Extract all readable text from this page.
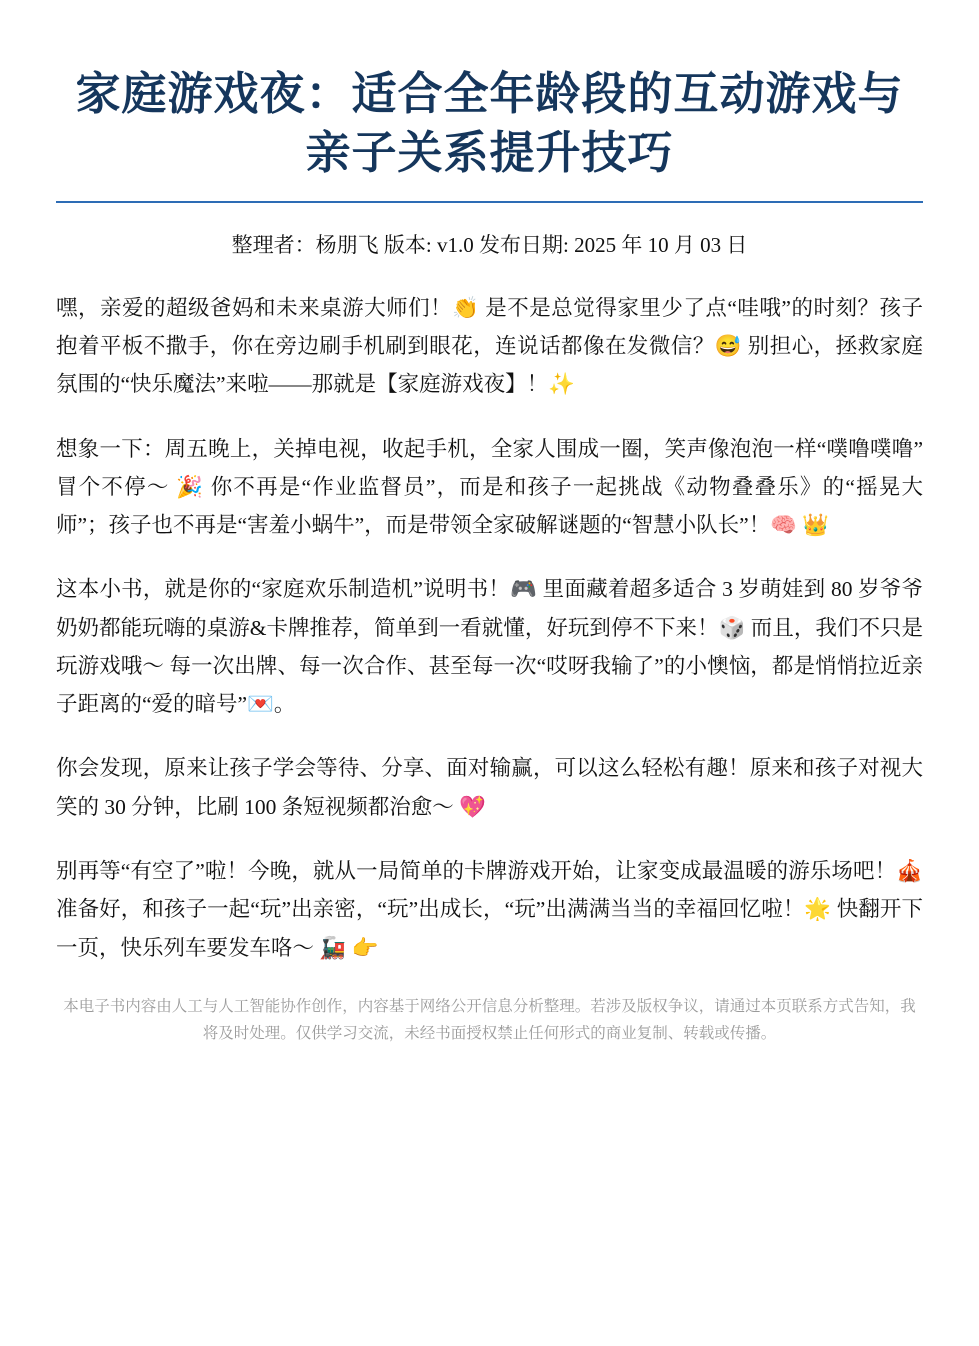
家庭游戏夜：适合全年龄段的互动游戏与亲子关系提升技巧
整理者：杨朋飞 版本: v1.0 发布日期: 2025 年 10 月 03 日

嘿，亲爱的超级爸妈和未来桌游大师们！👏 是不是总觉得家里少了点“哇哦”的时刻？孩子抱着平板不撒手，你在旁边刷手机刷到眼花，连说话都像在发微信？😅 别担心，拯救家庭氛围的“快乐魔法”来啦——那就是【家庭游戏夜】！✨

想象一下：周五晚上，关掉电视，收起手机，全家人围成一圈，笑声像泡泡一样“噗噜噗噜”冒个不停～ 🎉 你不再是“作业监督员”，而是和孩子一起挑战《动物叠叠乐》的“摇晃大师”；孩子也不再是“害羞小蜗牛”，而是带领全家破解谜题的“智慧小队长”！🧠 👑

这本小书，就是你的“家庭欢乐制造机”说明书！🎮 里面藏着超多适合 3 岁萌娃到 80 岁爷爷奶奶都能玩嗨的桌游&卡牌推荐，简单到一看就懂，好玩到停不下来！🎲 而且，我们不只是玩游戏哦～ 每一次出牌、每一次合作、甚至每一次“哎呀我输了”的小懊恼，都是悄悄拉近亲子距离的“爱的暗号”💌。

你会发现，原来让孩子学会等待、分享、面对输赢，可以这么轻松有趣！原来和孩子对视大笑的 30 分钟，比刷 100 条短视频都治愈～ 💖

别再等“有空了”啦！今晚，就从一局简单的卡牌游戏开始，让家变成最温暖的游乐场吧！🎪 准备好，和孩子一起“玩”出亲密，“玩”出成长，“玩”出满满当当的幸福回忆啦！🌟 快翻开下一页，快乐列车要发车咯～ 🚂 👉

本电子书内容由人工与人工智能协作创作，内容基于网络公开信息分析整理。若涉及版权争议，请通过本页联系方式告知，我将及时处理。仅供学习交流，未经书面授权禁止任何形式的商业复制、转载或传播。
